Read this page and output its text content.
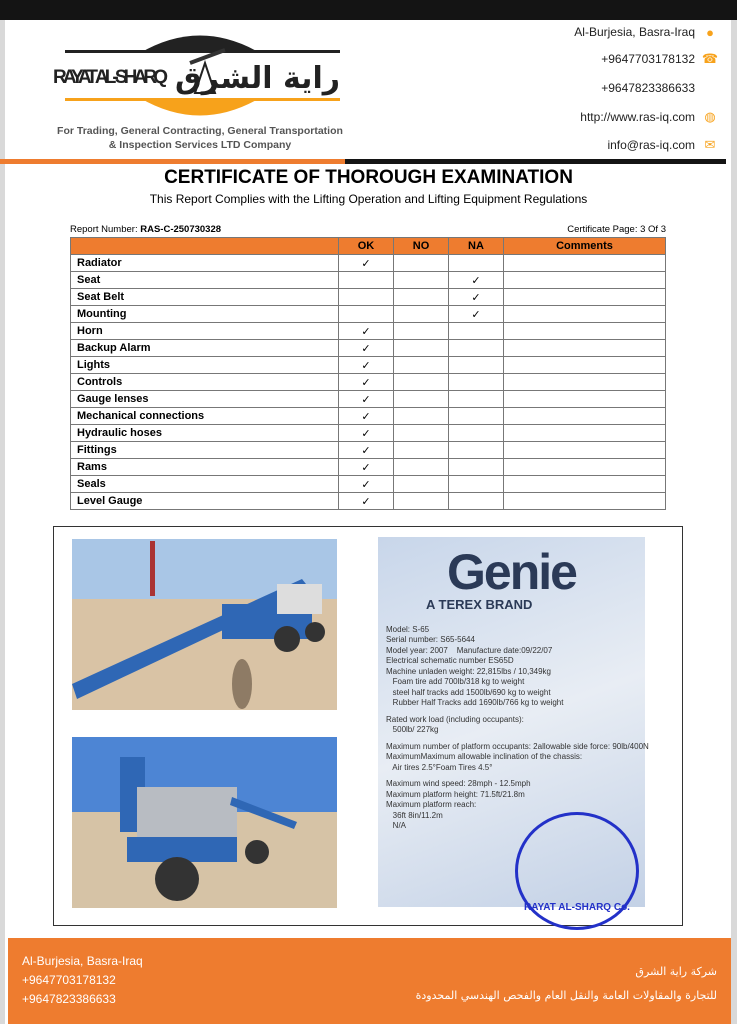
RAYAT AL-SHARQ راية الشرق
For Trading, General Contracting, General Transportation
& Inspection Services LTD Company
Al-Burjesia, Basra-Iraq ●
+9647703178132 ☎
+9647823386633
http://www.ras-iq.com ◍
info@ras-iq.com ✉
CERTIFICATE OF THOROUGH EXAMINATION
This Report Complies with the Lifting Operation and Lifting Equipment Regulations
Report Number: RAS-C-250730328	Certificate Page: 3 Of 3
	OK	NO	NA	Comments
Radiator	✓			
Seat			✓	
Seat Belt			✓	
Mounting			✓	
Horn	✓			
Backup Alarm	✓			
Lights	✓			
Controls	✓			
Gauge lenses	✓			
Mechanical connections	✓			
Hydraulic hoses	✓			
Fittings	✓			
Rams	✓			
Seals	✓			
Level Gauge	✓			
Genie
A TEREX BRAND
Model: S-65
Serial number: S65-5644
Model year: 2007    Manufacture date:09/22/07
Electrical schematic number ES65D
Machine unladen weight: 22,815lbs / 10,349kg
Foam tire add 700lb/318 kg to weight
steel half tracks add 1500lb/690 kg to weight
Rubber Half Tracks add 1690lb/766 kg to weight
Rated work load (including occupants):
500lb/ 227kg
Maximum number of platform occupants: 2allowable side force: 90lb/400N
MaximumMaximum allowable inclination of the chassis:
Air tires 2.5°Foam Tires 4.5°
Maximum wind speed: 28mph - 12.5mph
Maximum platform height: 71.5ft/21.8m
Maximum platform reach:
36ft 8in/11.2m
N/A
RAYAT AL-SHARQ Co.
Al-Burjesia, Basra-Iraq
+9647703178132
+9647823386633
شركة راية الشرق
للتجارة والمقاولات العامة والنقل العام والفحص الهندسي المحدودة
